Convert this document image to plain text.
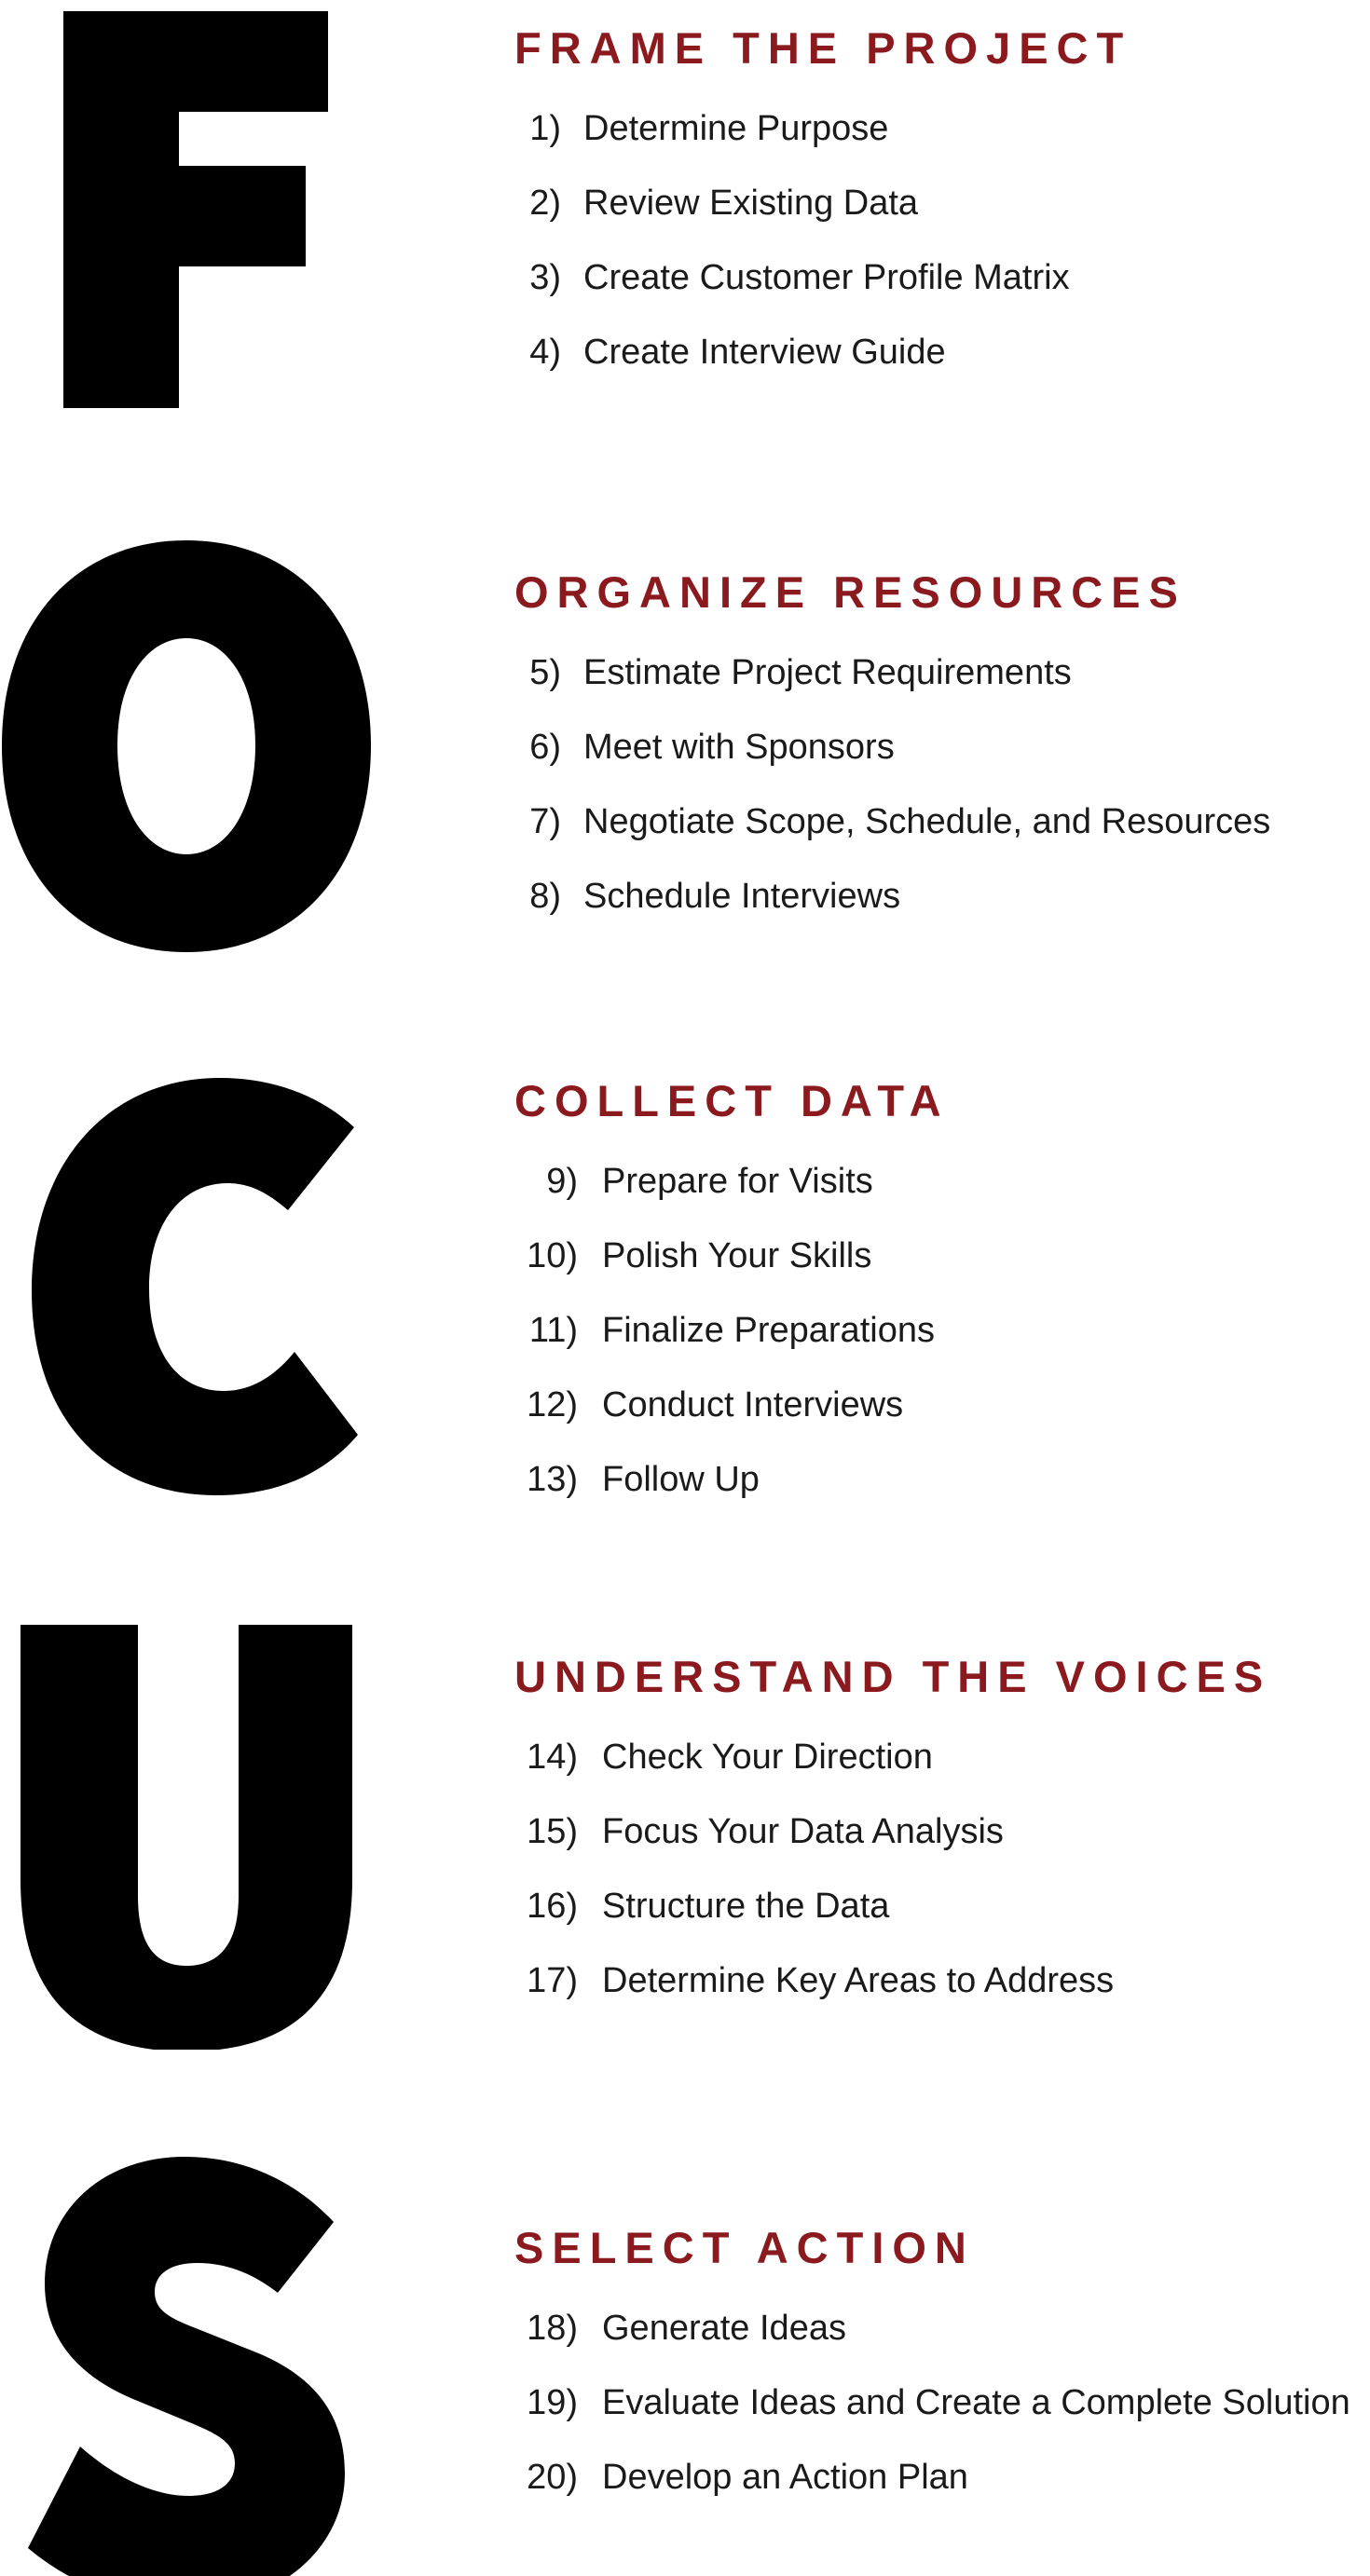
FRAME THE PROJECT
1) Determine Purpose
2) Review Existing Data
3) Create Customer Profile Matrix
4) Create Interview Guide
ORGANIZE RESOURCES
5) Estimate Project Requirements
6) Meet with Sponsors
7) Negotiate Scope, Schedule, and Resources
8) Schedule Interviews
COLLECT DATA
9) Prepare for Visits
10) Polish Your Skills
11) Finalize Preparations
12) Conduct Interviews
13) Follow Up
UNDERSTAND THE VOICES
14) Check Your Direction
15) Focus Your Data Analysis
16) Structure the Data
17) Determine Key Areas to Address
SELECT ACTION
18) Generate Ideas
19) Evaluate Ideas and Create a Complete Solution
20) Develop an Action Plan
